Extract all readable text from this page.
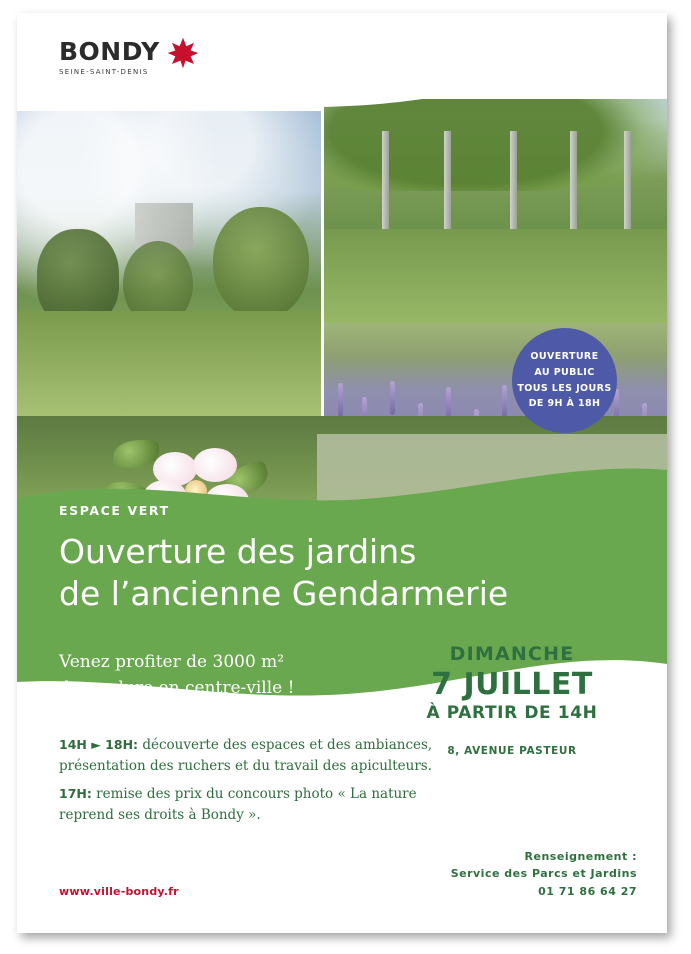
BONDY
SEINE-SAINT-DENIS
OUVERTURE
AU PUBLIC
TOUS LES JOURS
DE 9H À 18H
ESPACE VERT
Ouverture des jardins
de l’ancienne Gendarmerie
Venez profiter de 3000 m²
de verdure en centre-ville !
DIMANCHE
7 JUILLET
À PARTIR DE 14H
8, AVENUE PASTEUR
14H ► 18H: découverte des espaces et des ambiances,
présentation des ruchers et du travail des apiculteurs.
17H: remise des prix du concours photo « La nature
reprend ses droits à Bondy ».
www.ville-bondy.fr
Renseignement :
Service des Parcs et Jardins
01 71 86 64 27
